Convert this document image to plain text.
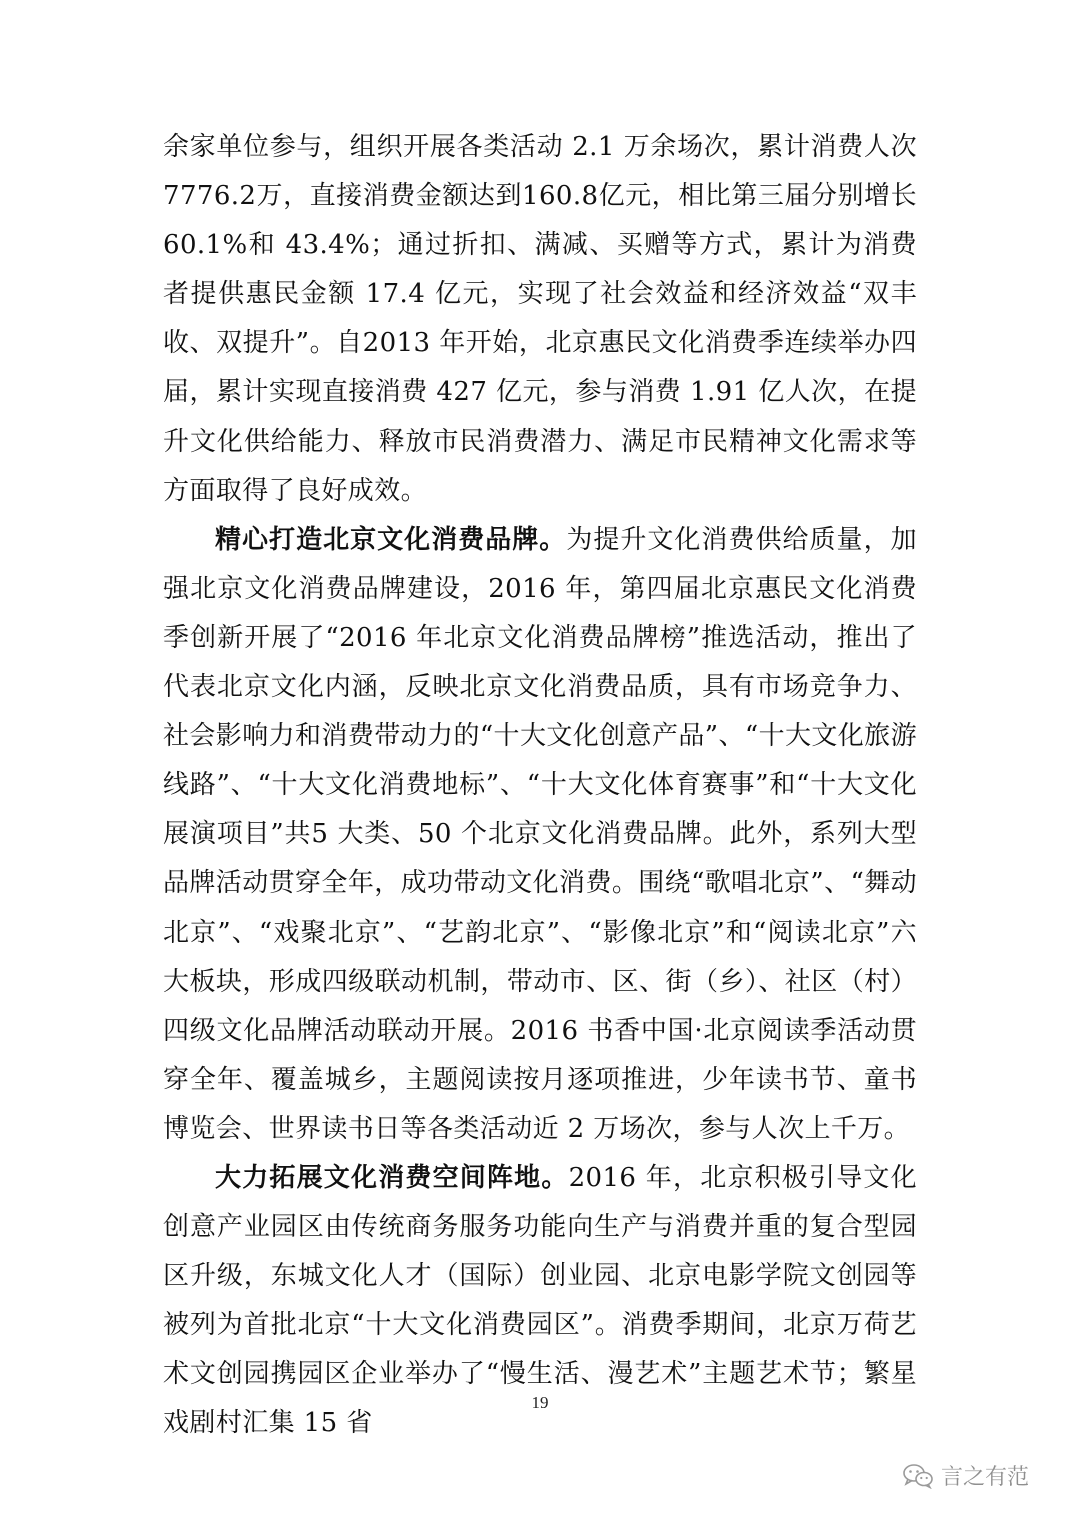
余家单位参与，组织开展各类活动 2.1 万余场次，累计消费人次7776.2万，直接消费金额达到160.8亿元，相比第三届分别增长60.1%和 43.4%；通过折扣、满减、买赠等方式，累计为消费者提供惠民金额 17.4 亿元，实现了社会效益和经济效益“双丰收、双提升”。自2013 年开始，北京惠民文化消费季连续举办四届，累计实现直接消费 427 亿元，参与消费 1.91 亿人次，在提升文化供给能力、释放市民消费潜力、满足市民精神文化需求等方面取得了良好成效。

精心打造北京文化消费品牌。为提升文化消费供给质量，加强北京文化消费品牌建设，2016 年，第四届北京惠民文化消费季创新开展了“2016 年北京文化消费品牌榜”推选活动，推出了代表北京文化内涵，反映北京文化消费品质，具有市场竞争力、社会影响力和消费带动力的“十大文化创意产品”、“十大文化旅游线路”、“十大文化消费地标”、“十大文化体育赛事”和“十大文化展演项目”共5 大类、50 个北京文化消费品牌。此外，系列大型品牌活动贯穿全年，成功带动文化消费。围绕“歌唱北京”、“舞动北京”、“戏聚北京”、“艺韵北京”、“影像北京”和“阅读北京”六大板块，形成四级联动机制，带动市、区、街（乡）、社区（村）四级文化品牌活动联动开展。2016 书香中国·北京阅读季活动贯穿全年、覆盖城乡，主题阅读按月逐项推进，少年读书节、童书博览会、世界读书日等各类活动近 2 万场次，参与人次上千万。

大力拓展文化消费空间阵地。2016 年，北京积极引导文化创意产业园区由传统商务服务功能向生产与消费并重的复合型园区升级，东城文化人才（国际）创业园、北京电影学院文创园等被列为首批北京“十大文化消费园区”。消费季期间，北京万荷艺术文创园携园区企业举办了“慢生活、漫艺术”主题艺术节；繁星戏剧村汇集 15 省

19
言之有范
